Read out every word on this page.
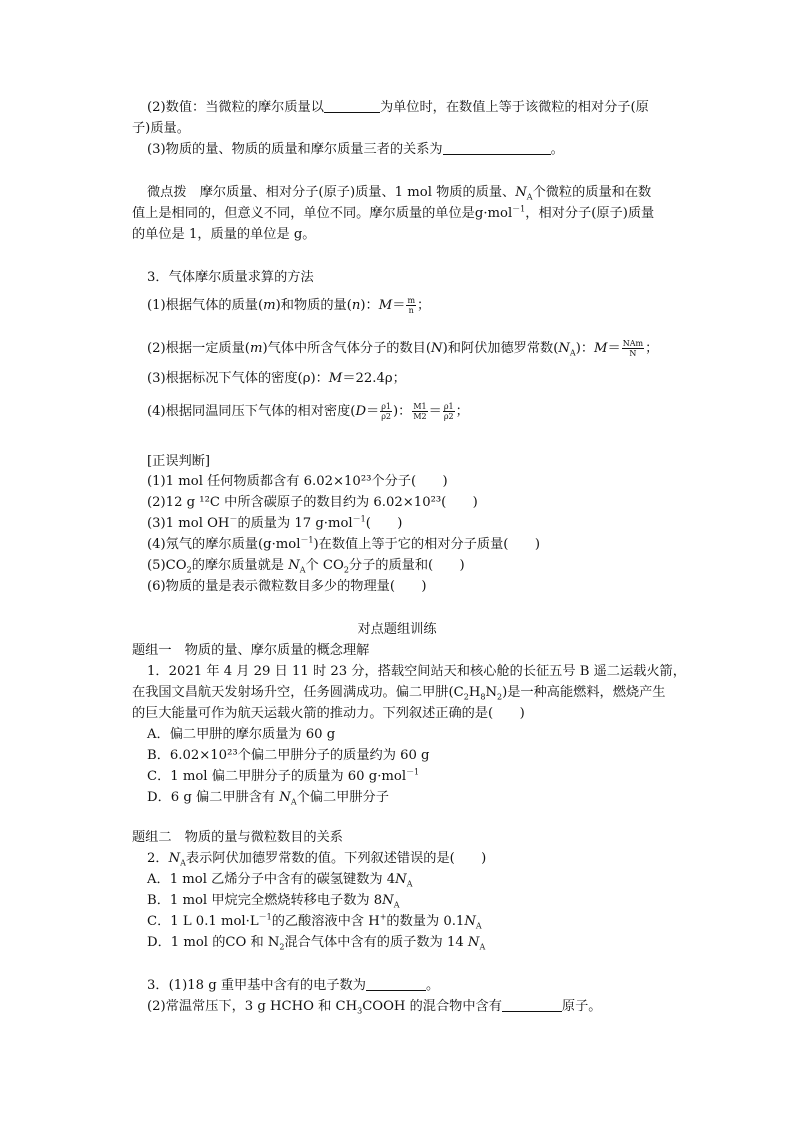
(2)数值：当微粒的摩尔质量以	为单位时，在数值上等于该微粒的相对分子(原
子)质量。
(3)物质的量、物质的质量和摩尔质量三者的关系为	。
微点拨　摩尔质量、相对分子(原子)质量、1 mol 物质的质量、$N_A$个微粒的质量和在数
值上是相同的，但意义不同，单位不同。摩尔质量的单位是g·mol$^{-1}$，相对分子(原子)质量
的单位是 1，质量的单位是 g。
3．气体摩尔质量求算的方法
(1)根据气体的质量(m)和物质的量(n)：$M= \frac{m}{n}$ ；
(2)根据一定质量(m)气体中所含气体分子的数目(N)和阿伏加德罗常数$(N_A)$：$M= \frac{\text{NAm}}{N}$ ；
(3)根据标况下气体的密度(ρ)：M＝22.4ρ；
(4)根据同温同压下气体的相对密度($D= \frac{\rho 1}{\rho 2}$ )： $\frac{M1}{M2} = \frac{\rho 1}{\rho 2}$ ；
[正误判断]
(1)1 mol 任何物质都含有 6.02×10²³个分子(　　)
(2)12 g ¹²C 中所含碳原子的数目约为 6.02×10²³(　　)
(3)1 mol OH－的质量为 17 g·mol$^{-1}$(　　)
(4)氖气的摩尔质量(g·mol$^{-1}$)在数值上等于它的相对分子质量(　　)
$(5)CO_2$的摩尔质量就是 $N_A$个 $CO_2$分子的质量和(　　)
(6)物质的量是表示微粒数目多少的物理量(　　)
对点题组训练
题组一　物质的量、摩尔质量的概念理解
1．2021 年 4 月 29 日 11 时 23 分，搭载空间站天和核心舱的长征五号 B 遥二运载火箭，
在我国文昌航天发射场升空，任务圆满成功。偏二甲肼$(C_2H_8N_2)$是一种高能燃料，燃烧产生
的巨大能量可作为航天运载火箭的推动力。下列叙述正确的是(　　)
A．偏二甲肼的摩尔质量为 60 g
B．6.02×10²³个偏二甲肼分子的质量约为 60 g
C．1 mol 偏二甲肼分子的质量为 60 g·mol$^{-1}$
D．6 g 偏二甲肼含有 $N_A$个偏二甲肼分子
题组二　物质的量与微粒数目的关系
2．$N_A$表示阿伏加德罗常数的值。下列叙述错误的是(　　)
A．1 mol 乙烯分子中含有的碳氢键数为 $4N_A$
B．1 mol 甲烷完全燃烧转移电子数为 $8N_A$
C．1 L 0.1 $mol\cdot L^{-1}$的乙酸溶液中含 H+的数量为 $0.1N_A$
D．1 mol 的CO 和 $N_2$混合气体中含有的质子数为 14 $N_A$
3．(1)18 g 重甲基中含有的电子数为	。
(2)常温常压下，3 g HCHO 和 $CH_3COOH$ 的混合物中含有	原子。
